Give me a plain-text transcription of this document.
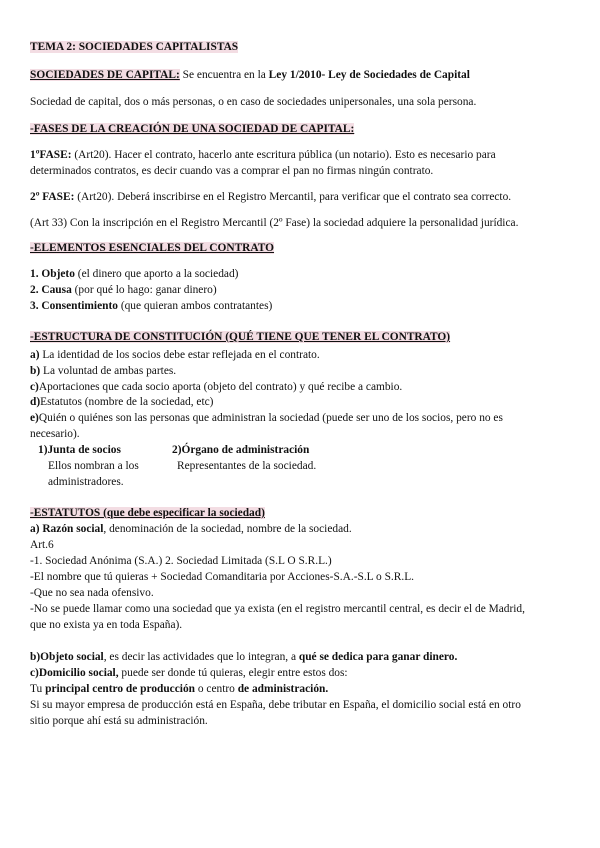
TEMA 2: SOCIEDADES CAPITALISTAS
SOCIEDADES DE CAPITAL: Se encuentra en la Ley 1/2010- Ley de Sociedades de Capital
Sociedad de capital, dos o más personas, o en caso de sociedades unipersonales, una sola persona.
-FASES DE LA CREACIÓN DE UNA SOCIEDAD DE CAPITAL:
1ºFASE: (Art20). Hacer el contrato, hacerlo ante escritura pública (un notario). Esto es necesario para
determinados contratos, es decir cuando vas a comprar el pan no firmas ningún contrato.
2º FASE: (Art20). Deberá inscribirse en el Registro Mercantil, para verificar que el contrato sea correcto.
(Art 33) Con la inscripción en el Registro Mercantil (2º Fase) la sociedad adquiere la personalidad jurídica.
-ELEMENTOS ESENCIALES DEL CONTRATO
1. Objeto (el dinero que aporto a la sociedad)
2. Causa (por qué lo hago: ganar dinero)
3. Consentimiento (que quieran ambos contratantes)
-ESTRUCTURA DE CONSTITUCIÓN (QUÉ TIENE QUE TENER EL CONTRATO)
a) La identidad de los socios debe estar reflejada en el contrato.
b) La voluntad de ambas partes.
c)Aportaciones que cada socio aporta (objeto del contrato) y qué recibe a cambio.
d)Estatutos (nombre de la sociedad, etc)
e)Quién o quiénes son las personas que administran la sociedad (puede ser uno de los socios, pero no es
necesario).
1)Junta de socios
Ellos nombran a los
administradores.
2)Órgano de administración
Representantes de la sociedad.
-ESTATUTOS (que debe especificar la sociedad)
a) Razón social, denominación de la sociedad, nombre de la sociedad.
Art.6
-1. Sociedad Anónima (S.A.) 2. Sociedad Limitada (S.L O S.R.L.)
-El nombre que tú quieras + Sociedad Comanditaria por Acciones-S.A.-S.L o S.R.L.
-Que no sea nada ofensivo.
-No se puede llamar como una sociedad que ya exista (en el registro mercantil central, es decir el de Madrid,
que no exista ya en toda España).
b)Objeto social, es decir las actividades que lo integran, a qué se dedica para ganar dinero.
c)Domicilio social, puede ser donde tú quieras, elegir entre estos dos:
Tu principal centro de producción o centro de administración.
Si su mayor empresa de producción está en España, debe tributar en España, el domicilio social está en otro
sitio porque ahí está su administración.
